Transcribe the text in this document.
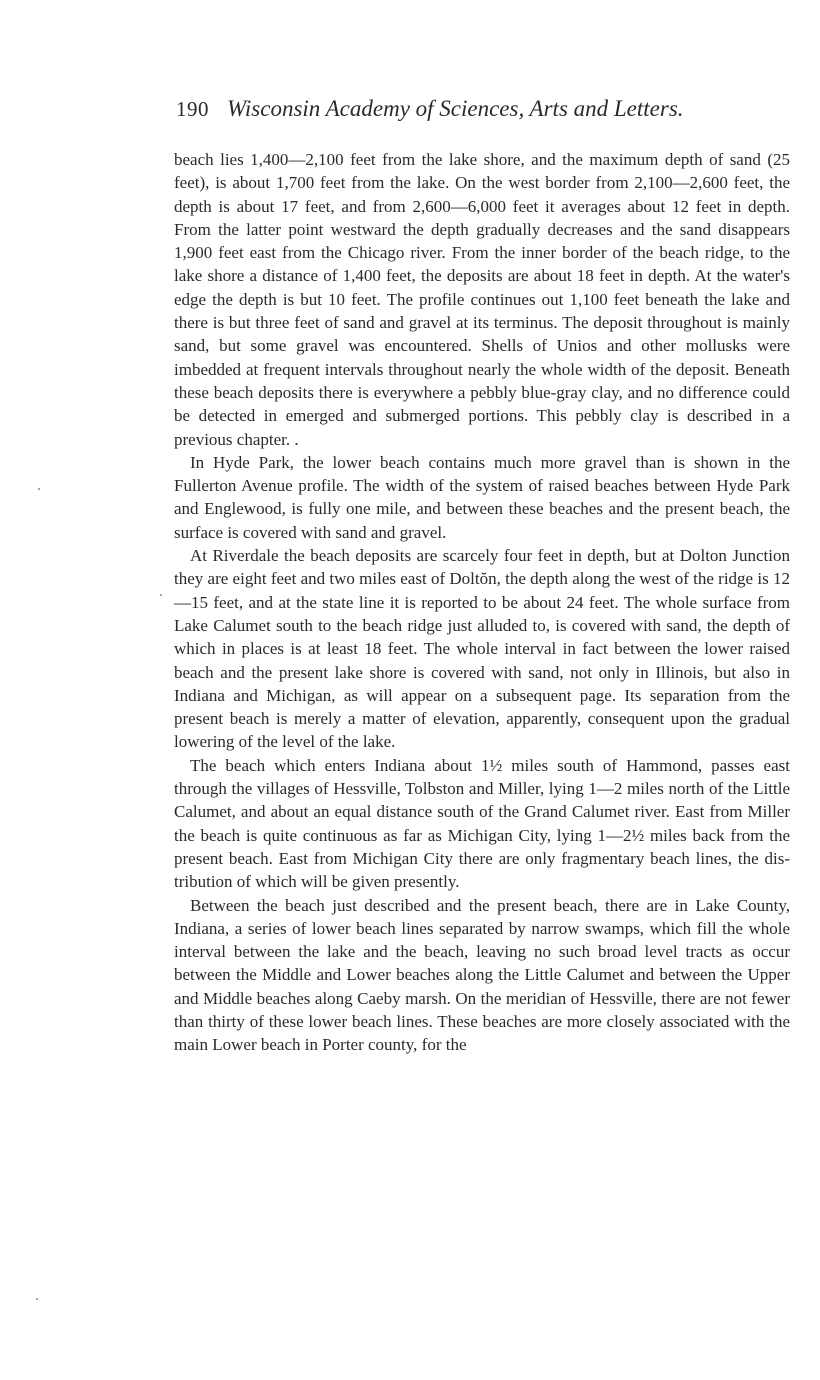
190 Wisconsin Academy of Sciences, Arts and Letters.

beach lies 1,400—2,100 feet from the lake shore, and the maximum depth of sand (25 feet), is about 1,700 feet from the lake. On the west border from 2,100—2,600 feet, the depth is about 17 feet, and from 2,600—6,000 feet it averages about 12 feet in depth. From the latter point westward the depth gradually decreases and the sand disappears 1,900 feet east from the Chicago river. From the inner border of the beach ridge, to the lake shore a distance of 1,400 feet, the deposits are about 18 feet in depth. At the water's edge the depth is but 10 feet. The profile continues out 1,100 feet beneath the lake and there is but three feet of sand and gravel at its terminus. The deposit throughout is mainly sand, but some gravel was encountered. Shells of Unios and other mollusks were imbedded at frequent intervals throughout nearly the whole width of the deposit. Beneath these beach deposits there is everywhere a pebbly blue-gray clay, and no difference could be detected in emerged and submerged portions. This pebbly clay is described in a previous chapter. .

In Hyde Park, the lower beach contains much more gravel than is shown in the Fullerton Avenue profile. The width of the system of raised beaches between Hyde Park and Englewood, is fully one mile, and between these beaches and the present beach, the surface is covered with sand and gravel.

At Riverdale the beach deposits are scarcely four feet in depth, but at Dolton Junction they are eight feet and two miles east of Doltŏn, the depth along the west of the ridge is 12—15 feet, and at the state line it is reported to be about 24 feet. The whole surface from Lake Calumet south to the beach ridge just alluded to, is covered with sand, the depth of which in places is at least 18 feet. The whole interval in fact between the lower raised beach and the present lake shore is covered with sand, not only in Illinois, but also in Indiana and Michigan, as will appear on a subsequent page. Its separation from the present beach is merely a matter of elevation, apparently, consequent upon the gradual lowering of the level of the lake.

The beach which enters Indiana about 1½ miles south of Hammond, passes east through the villages of Hessville, Tolbston and Miller, lying 1—2 miles north of the Little Calumet, and about an equal distance south of the Grand Calumet river. East from Miller the beach is quite continuous as far as Michigan City, lying 1—2½ miles back from the present beach. East from Michigan City there are only fragmentary beach lines, the distribution of which will be given presently.

Between the beach just described and the present beach, there are in Lake County, Indiana, a series of lower beach lines separated by narrow swamps, which fill the whole interval between the lake and the beach, leaving no such broad level tracts as occur between the Middle and Lower beaches along the Little Calumet and between the Upper and Middle beaches along Caeby marsh. On the meridian of Hessville, there are not fewer than thirty of these lower beach lines. These beaches are more closely associated with the main Lower beach in Porter county, for the
